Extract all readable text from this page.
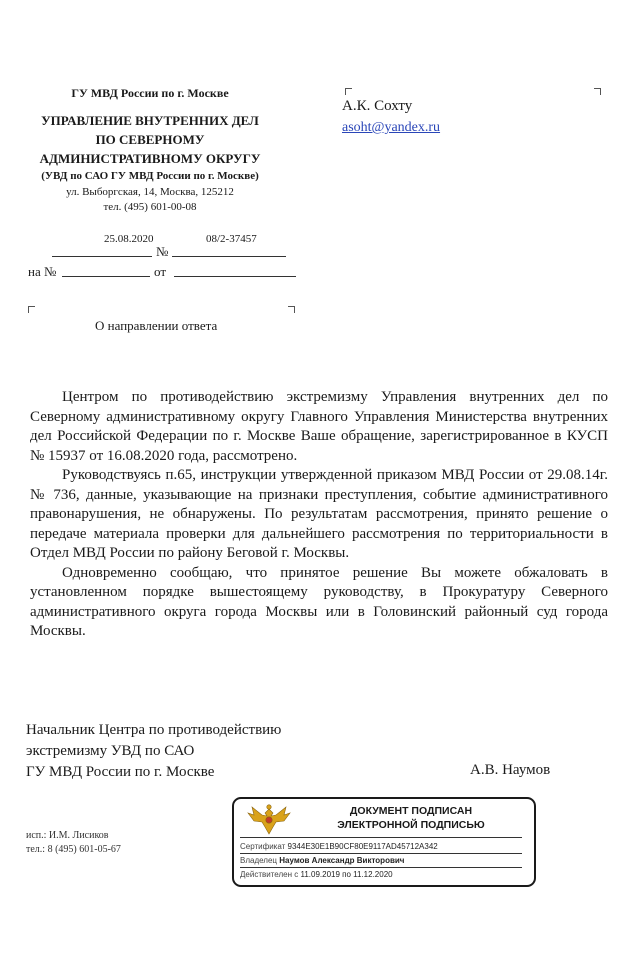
ГУ МВД России по г. Москве
УПРАВЛЕНИЕ ВНУТРЕННИХ ДЕЛ
ПО СЕВЕРНОМУ
АДМИНИСТРАТИВНОМУ ОКРУГУ
(УВД по САО ГУ МВД России по г. Москве)
ул. Выборгская, 14, Москва, 125212
тел. (495) 601-00-08
25.08.2020	08/2-37457
№
на №	от
О направлении ответа
А.К. Сохту
asoht@yandex.ru

Центром по противодействию экстремизму Управления внутренних дел по Северному административному округу Главного Управления Министерства внутренних дел Российской Федерации по г. Москве Ваше обращение, зарегистрированное в КУСП № 15937 от 16.08.2020 года, рассмотрено.

Руководствуясь п.65, инструкции утвержденной приказом МВД России от 29.08.14г. № 736, данные, указывающие на признаки преступления, событие административного правонарушения, не обнаружены. По результатам рассмотрения, принято решение о передаче материала проверки для дальнейшего рассмотрения по территориальности в Отдел МВД России по району Беговой г. Москвы.

Одновременно сообщаю, что принятое решение Вы можете обжаловать в установленном порядке вышестоящему руководству, в Прокуратуру Северного административного округа города Москвы или в Головинский районный суд города Москвы.

Начальник Центра по противодействию
экстремизму УВД по САО
ГУ МВД России по г. Москве	А.В. Наумов
исп.: И.М. Лисиков
тел.: 8 (495) 601-05-67
ДОКУМЕНТ ПОДПИСАН
ЭЛЕКТРОННОЙ ПОДПИСЬЮ
Сертификат 9344E30E1B90CF80E9117AD45712A342
Владелец Наумов Александр Викторович
Действителен с 11.09.2019 по 11.12.2020
